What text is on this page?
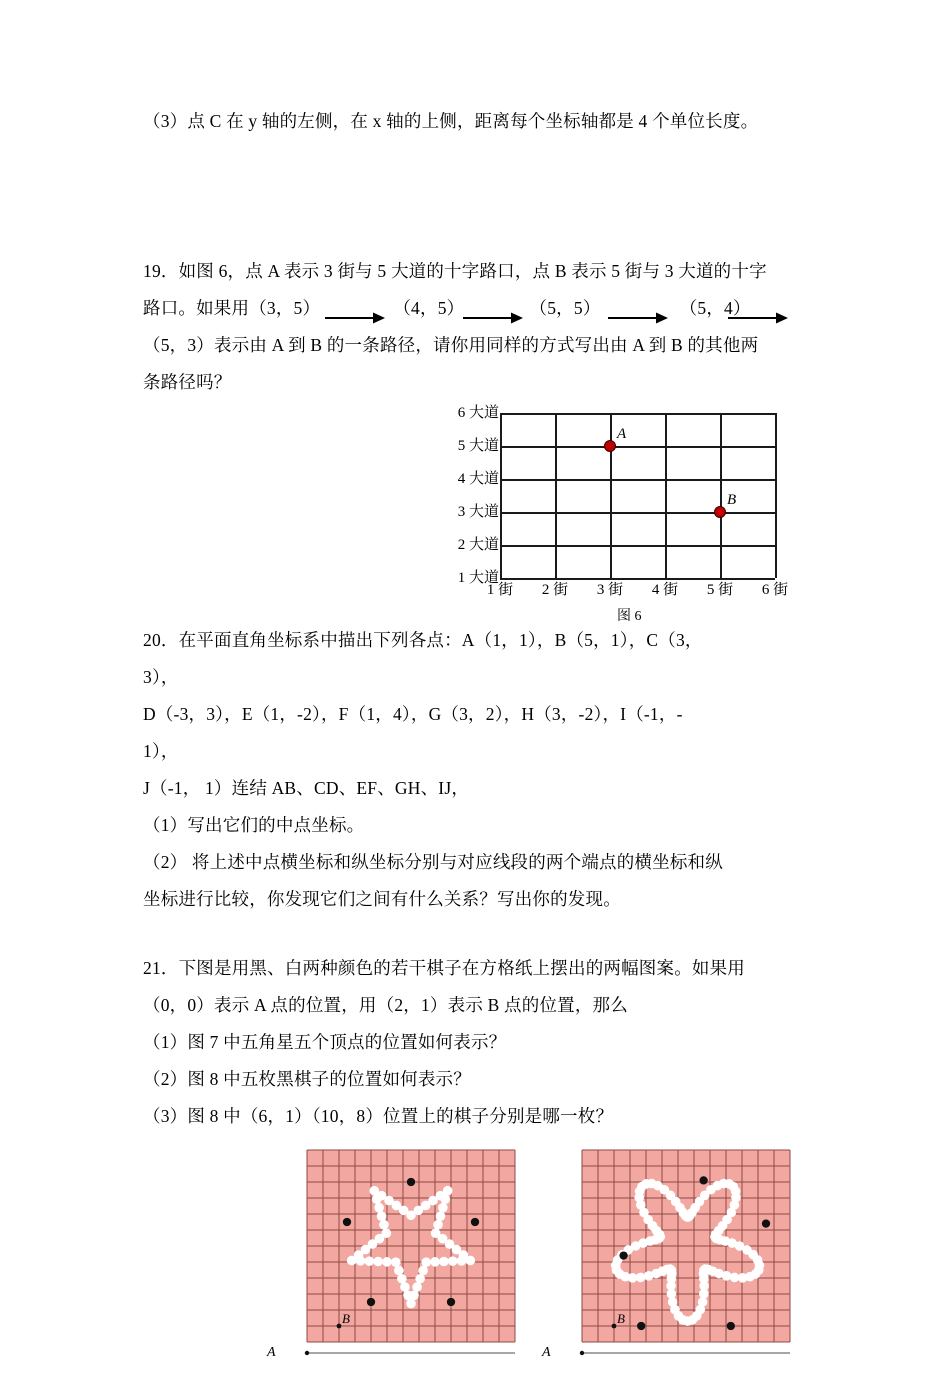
（3）点 C 在 y 轴的左侧，在 x 轴的上侧，距离每个坐标轴都是 4 个单位长度。
19．如图 6，点 A 表示 3 街与 5 大道的十字路口，点 B 表示 5 街与 3 大道的十字
路口。如果用（3，5）	（4，5）	（5，5）	（5，4）
（5，3）表示由 A 到 B 的一条路径，请你用同样的方式写出由 A 到 B 的其他两
条路径吗？
20．在平面直角坐标系中描出下列各点：A（1，1），B（5，1），C（3，
3），
D（-3，3），E（1，-2），F（1，4），G（3，2），H（3，-2），I（-1，-
1），
J（-1， 1）连结 AB、CD、EF、GH、IJ，
（1）写出它们的中点坐标。
（2） 将上述中点横坐标和纵坐标分别与对应线段的两个端点的横坐标和纵
坐标进行比较，你发现它们之间有什么关系？写出你的发现。
21．下图是用黑、白两种颜色的若干棋子在方格纸上摆出的两幅图案。如果用
（0，0）表示 A 点的位置，用（2，1）表示 B 点的位置，那么
（1）图 7 中五角星五个顶点的位置如何表示？
（2）图 8 中五枚黑棋子的位置如何表示？
（3）图 8 中（6，1）（10，8）位置上的棋子分别是哪一枚？
图 6
6 大道
5 大道
4 大道
3 大道
2 大道
1 大道
1 街	2 街	3 街	4 街	5 街	6 街
A
B
A
B
A
B
